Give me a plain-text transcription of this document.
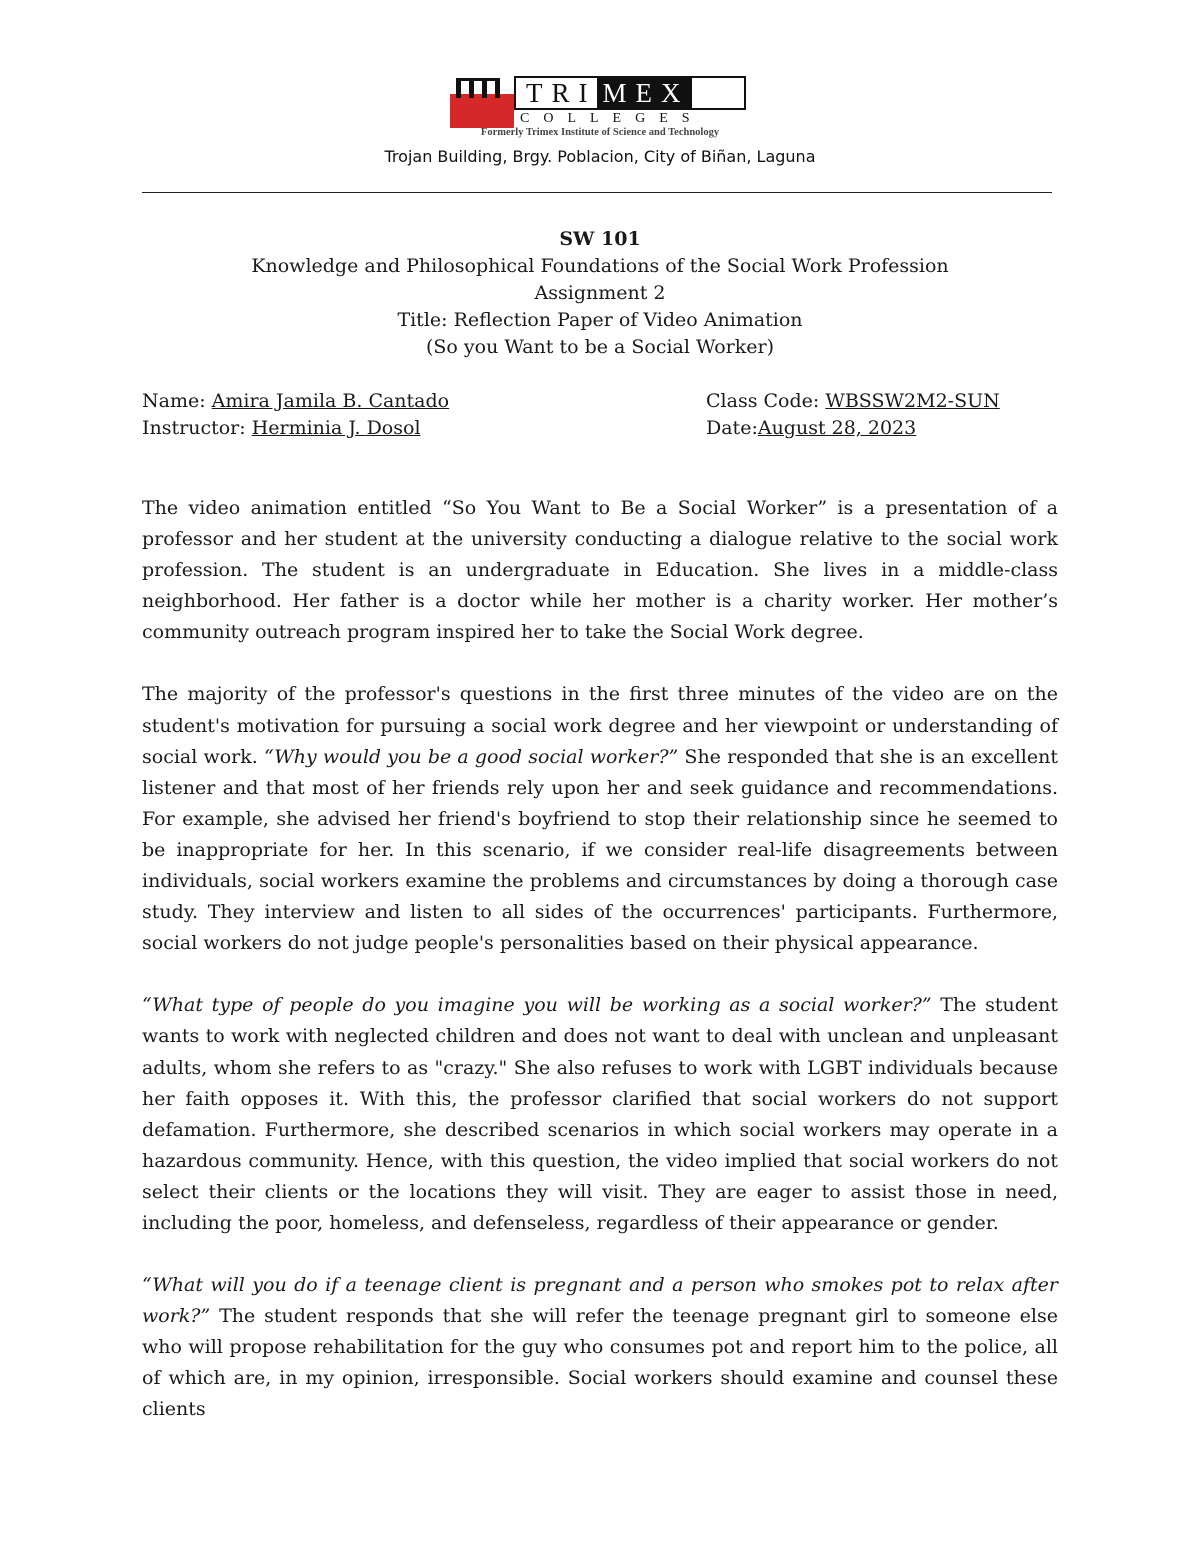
TRI MEX
COLLEGES
Formerly Trimex Institute of Science and Technology
Trojan Building, Brgy. Poblacion, City of Biñan, Laguna
SW 101
Knowledge and Philosophical Foundations of the Social Work Profession
Assignment 2
Title: Reflection Paper of Video Animation
(So you Want to be a Social Worker)
Name: Amira Jamila B. Cantado
Instructor: Herminia J. Dosol
Class Code: WBSSW2M2-SUN
Date:August 28, 2023

The video animation entitled “So You Want to Be a Social Worker” is a presentation of a professor and her student at the university conducting a dialogue relative to the social work profession. The student is an undergraduate in Education. She lives in a middle-class neighborhood. Her father is a doctor while her mother is a charity worker. Her mother’s community outreach program inspired her to take the Social Work degree.

The majority of the professor's questions in the first three minutes of the video are on the student's motivation for pursuing a social work degree and her viewpoint or understanding of social work. “Why would you be a good social worker?” She responded that she is an excellent listener and that most of her friends rely upon her and seek guidance and recommendations. For example, she advised her friend's boyfriend to stop their relationship since he seemed to be inappropriate for her. In this scenario, if we consider real-life disagreements between individuals, social workers examine the problems and circumstances by doing a thorough case study. They interview and listen to all sides of the occurrences' participants. Furthermore, social workers do not judge people's personalities based on their physical appearance.

“What type of people do you imagine you will be working as a social worker?” The student wants to work with neglected children and does not want to deal with unclean and unpleasant adults, whom she refers to as "crazy." She also refuses to work with LGBT individuals because her faith opposes it. With this, the professor clarified that social workers do not support defamation. Furthermore, she described scenarios in which social workers may operate in a hazardous community. Hence, with this question, the video implied that social workers do not select their clients or the locations they will visit. They are eager to assist those in need, including the poor, homeless, and defenseless, regardless of their appearance or gender.

“What will you do if a teenage client is pregnant and a person who smokes pot to relax after work?” The student responds that she will refer the teenage pregnant girl to someone else who will propose rehabilitation for the guy who consumes pot and report him to the police, all of which are, in my opinion, irresponsible. Social workers should examine and counsel these clients
